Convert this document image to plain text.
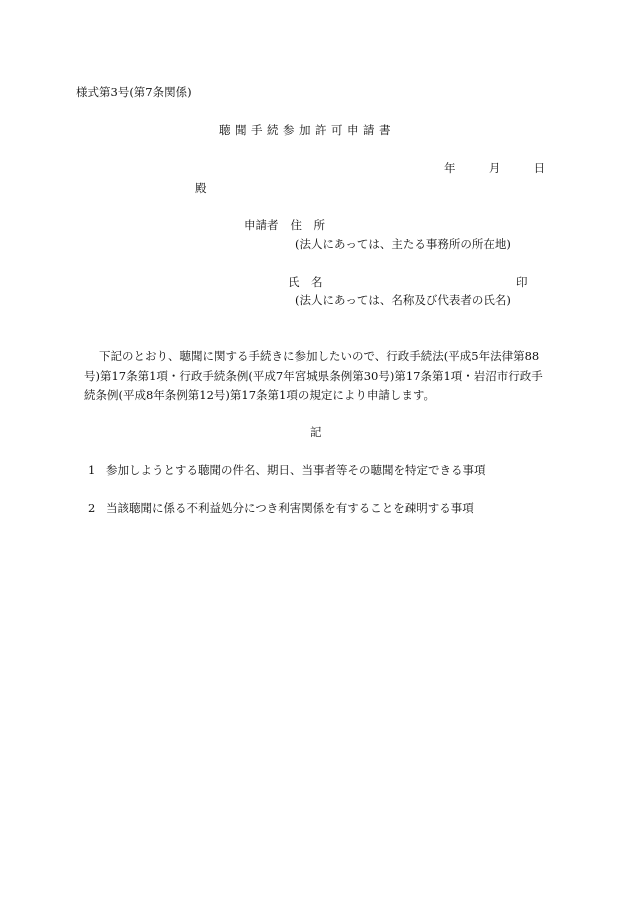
様式第3号(第7条関係)
聴聞手続参加許可申請書
年	月	日
殿
申請者 住　所
(法人にあっては、主たる事務所の所在地)
氏　名	印
(法人にあっては、名称及び代表者の氏名)
下記のとおり、聴聞に関する手続きに参加したいので、行政手続法(平成5年法律第88号)第17条第1項・行政手続条例(平成7年宮城県条例第30号)第17条第1項・岩沼市行政手続条例(平成8年条例第12号)第17条第1項の規定により申請します。
記
1 参加しようとする聴聞の件名、期日、当事者等その聴聞を特定できる事項
2 当該聴聞に係る不利益処分につき利害関係を有することを疎明する事項
